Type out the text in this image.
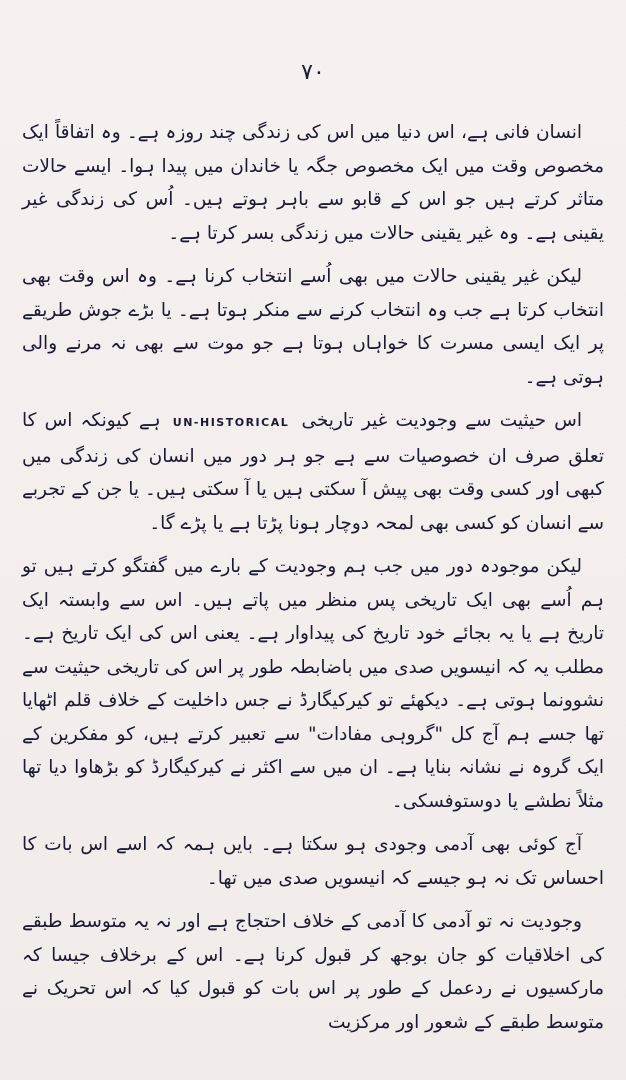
٧٠

انسان فانی ہے، اس دنیا میں اس کی زندگی چند روزہ ہے۔ وہ اتفاقاً ایک مخصوص وقت میں ایک مخصوص جگہ یا خاندان میں پیدا ہوا۔ ایسے حالات متاثر کرتے ہیں جو اس کے قابو سے باہر ہوتے ہیں۔ اُس کی زندگی غیر یقینی ہے۔ وہ غیر یقینی حالات میں زندگی بسر کرتا ہے۔

لیکن غیر یقینی حالات میں بھی اُسے انتخاب کرنا ہے۔ وہ اس وقت بھی انتخاب کرتا ہے جب وہ انتخاب کرنے سے منکر ہوتا ہے۔ یا بڑے جوش طریقے پر ایک ایسی مسرت کا خواہاں ہوتا ہے جو موت سے بھی نہ مرنے والی ہوتی ہے۔

اس حیثیت سے وجودیت غیر تاریخی UN-HISTORICAL ہے کیونکہ اس کا تعلق صرف ان خصوصیات سے ہے جو ہر دور میں انسان کی زندگی میں کبھی اور کسی وقت بھی پیش آ سکتی ہیں یا آ سکتی ہیں۔ یا جن کے تجربے سے انسان کو کسی بھی لمحہ دوچار ہونا پڑتا ہے یا پڑے گا۔

لیکن موجودہ دور میں جب ہم وجودیت کے بارے میں گفتگو کرتے ہیں تو ہم اُسے بھی ایک تاریخی پس منظر میں پاتے ہیں۔ اس سے وابستہ ایک تاریخ ہے یا یہ بجائے خود تاریخ کی پیداوار ہے۔ یعنی اس کی ایک تاریخ ہے۔ مطلب یہ کہ انیسویں صدی میں باضابطہ طور پر اس کی تاریخی حیثیت سے نشوونما ہوتی ہے۔ دیکھئے تو کیرکیگارڈ نے جس داخلیت کے خلاف قلم اٹھایا تھا جسے ہم آج کل "گروہی مفادات" سے تعبیر کرتے ہیں، کو مفکرین کے ایک گروہ نے نشانہ بنایا ہے۔ ان میں سے اکثر نے کیرکیگارڈ کو بڑھاوا دیا تھا مثلاً نطشے یا دوستوفسکی۔

آج کوئی بھی آدمی وجودی ہو سکتا ہے۔ بایں ہمہ کہ اسے اس بات کا احساس تک نہ ہو جیسے کہ انیسویں صدی میں تھا۔

وجودیت نہ تو آدمی کا آدمی کے خلاف احتجاج ہے اور نہ یہ متوسط طبقے کی اخلاقیات کو جان بوجھ کر قبول کرنا ہے۔ اس کے برخلاف جیسا کہ مارکسیوں نے ردعمل کے طور پر اس بات کو قبول کیا کہ اس تحریک نے متوسط طبقے کے شعور اور مرکزیت
